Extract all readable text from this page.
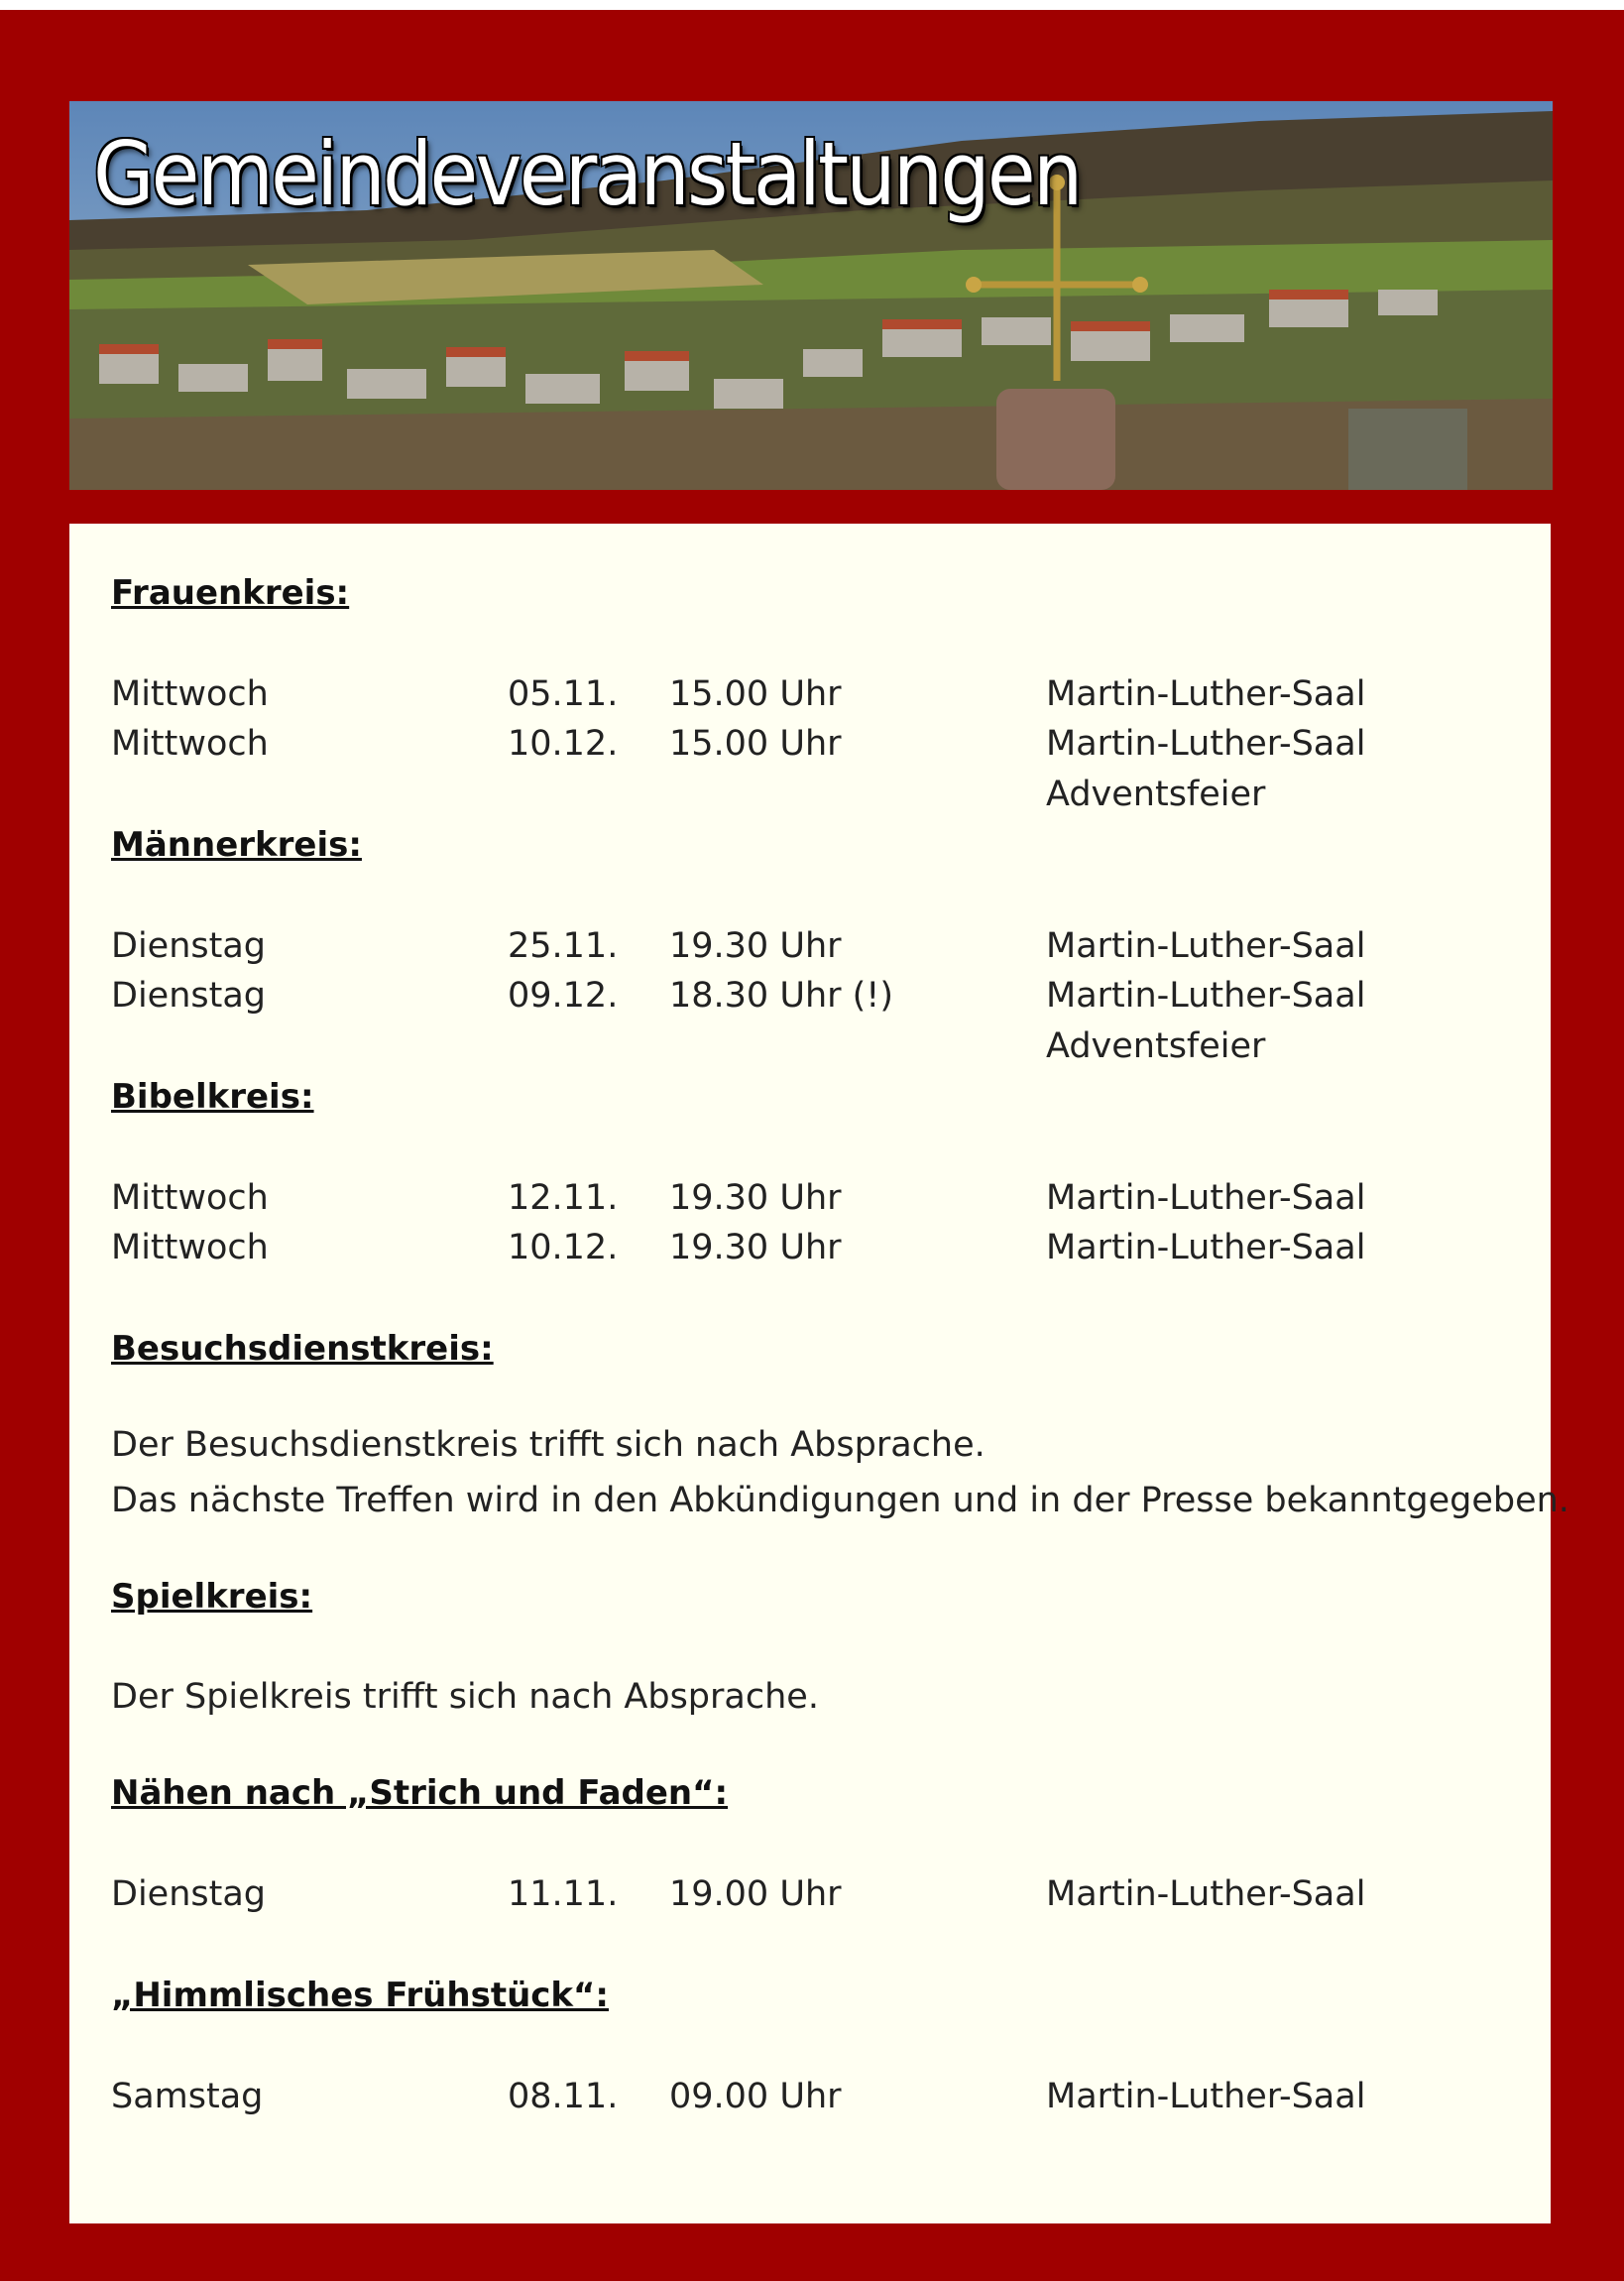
Gemeindeveranstaltungen
Frauenkreis:
Mittwoch	05.11. 15.00 Uhr	Martin-Luther-Saal
Mittwoch	10.12. 15.00 Uhr	Martin-Luther-Saal
Adventsfeier
Männerkreis:
Dienstag	25.11. 19.30 Uhr	Martin-Luther-Saal
Dienstag	09.12. 18.30 Uhr (!)	Martin-Luther-Saal
Adventsfeier
Bibelkreis:
Mittwoch	12.11. 19.30 Uhr	Martin-Luther-Saal
Mittwoch	10.12. 19.30 Uhr	Martin-Luther-Saal
Besuchsdienstkreis:

Der Besuchsdienstkreis trifft sich nach Absprache.

Das nächste Treffen wird in den Abkündigungen und in der Presse bekanntgegeben.

Spielkreis:

Der Spielkreis trifft sich nach Absprache.

Nähen nach „Strich und Faden“:
Dienstag	11.11. 19.00 Uhr	Martin-Luther-Saal
„Himmlisches Frühstück“:
Samstag	08.11. 09.00 Uhr	Martin-Luther-Saal
